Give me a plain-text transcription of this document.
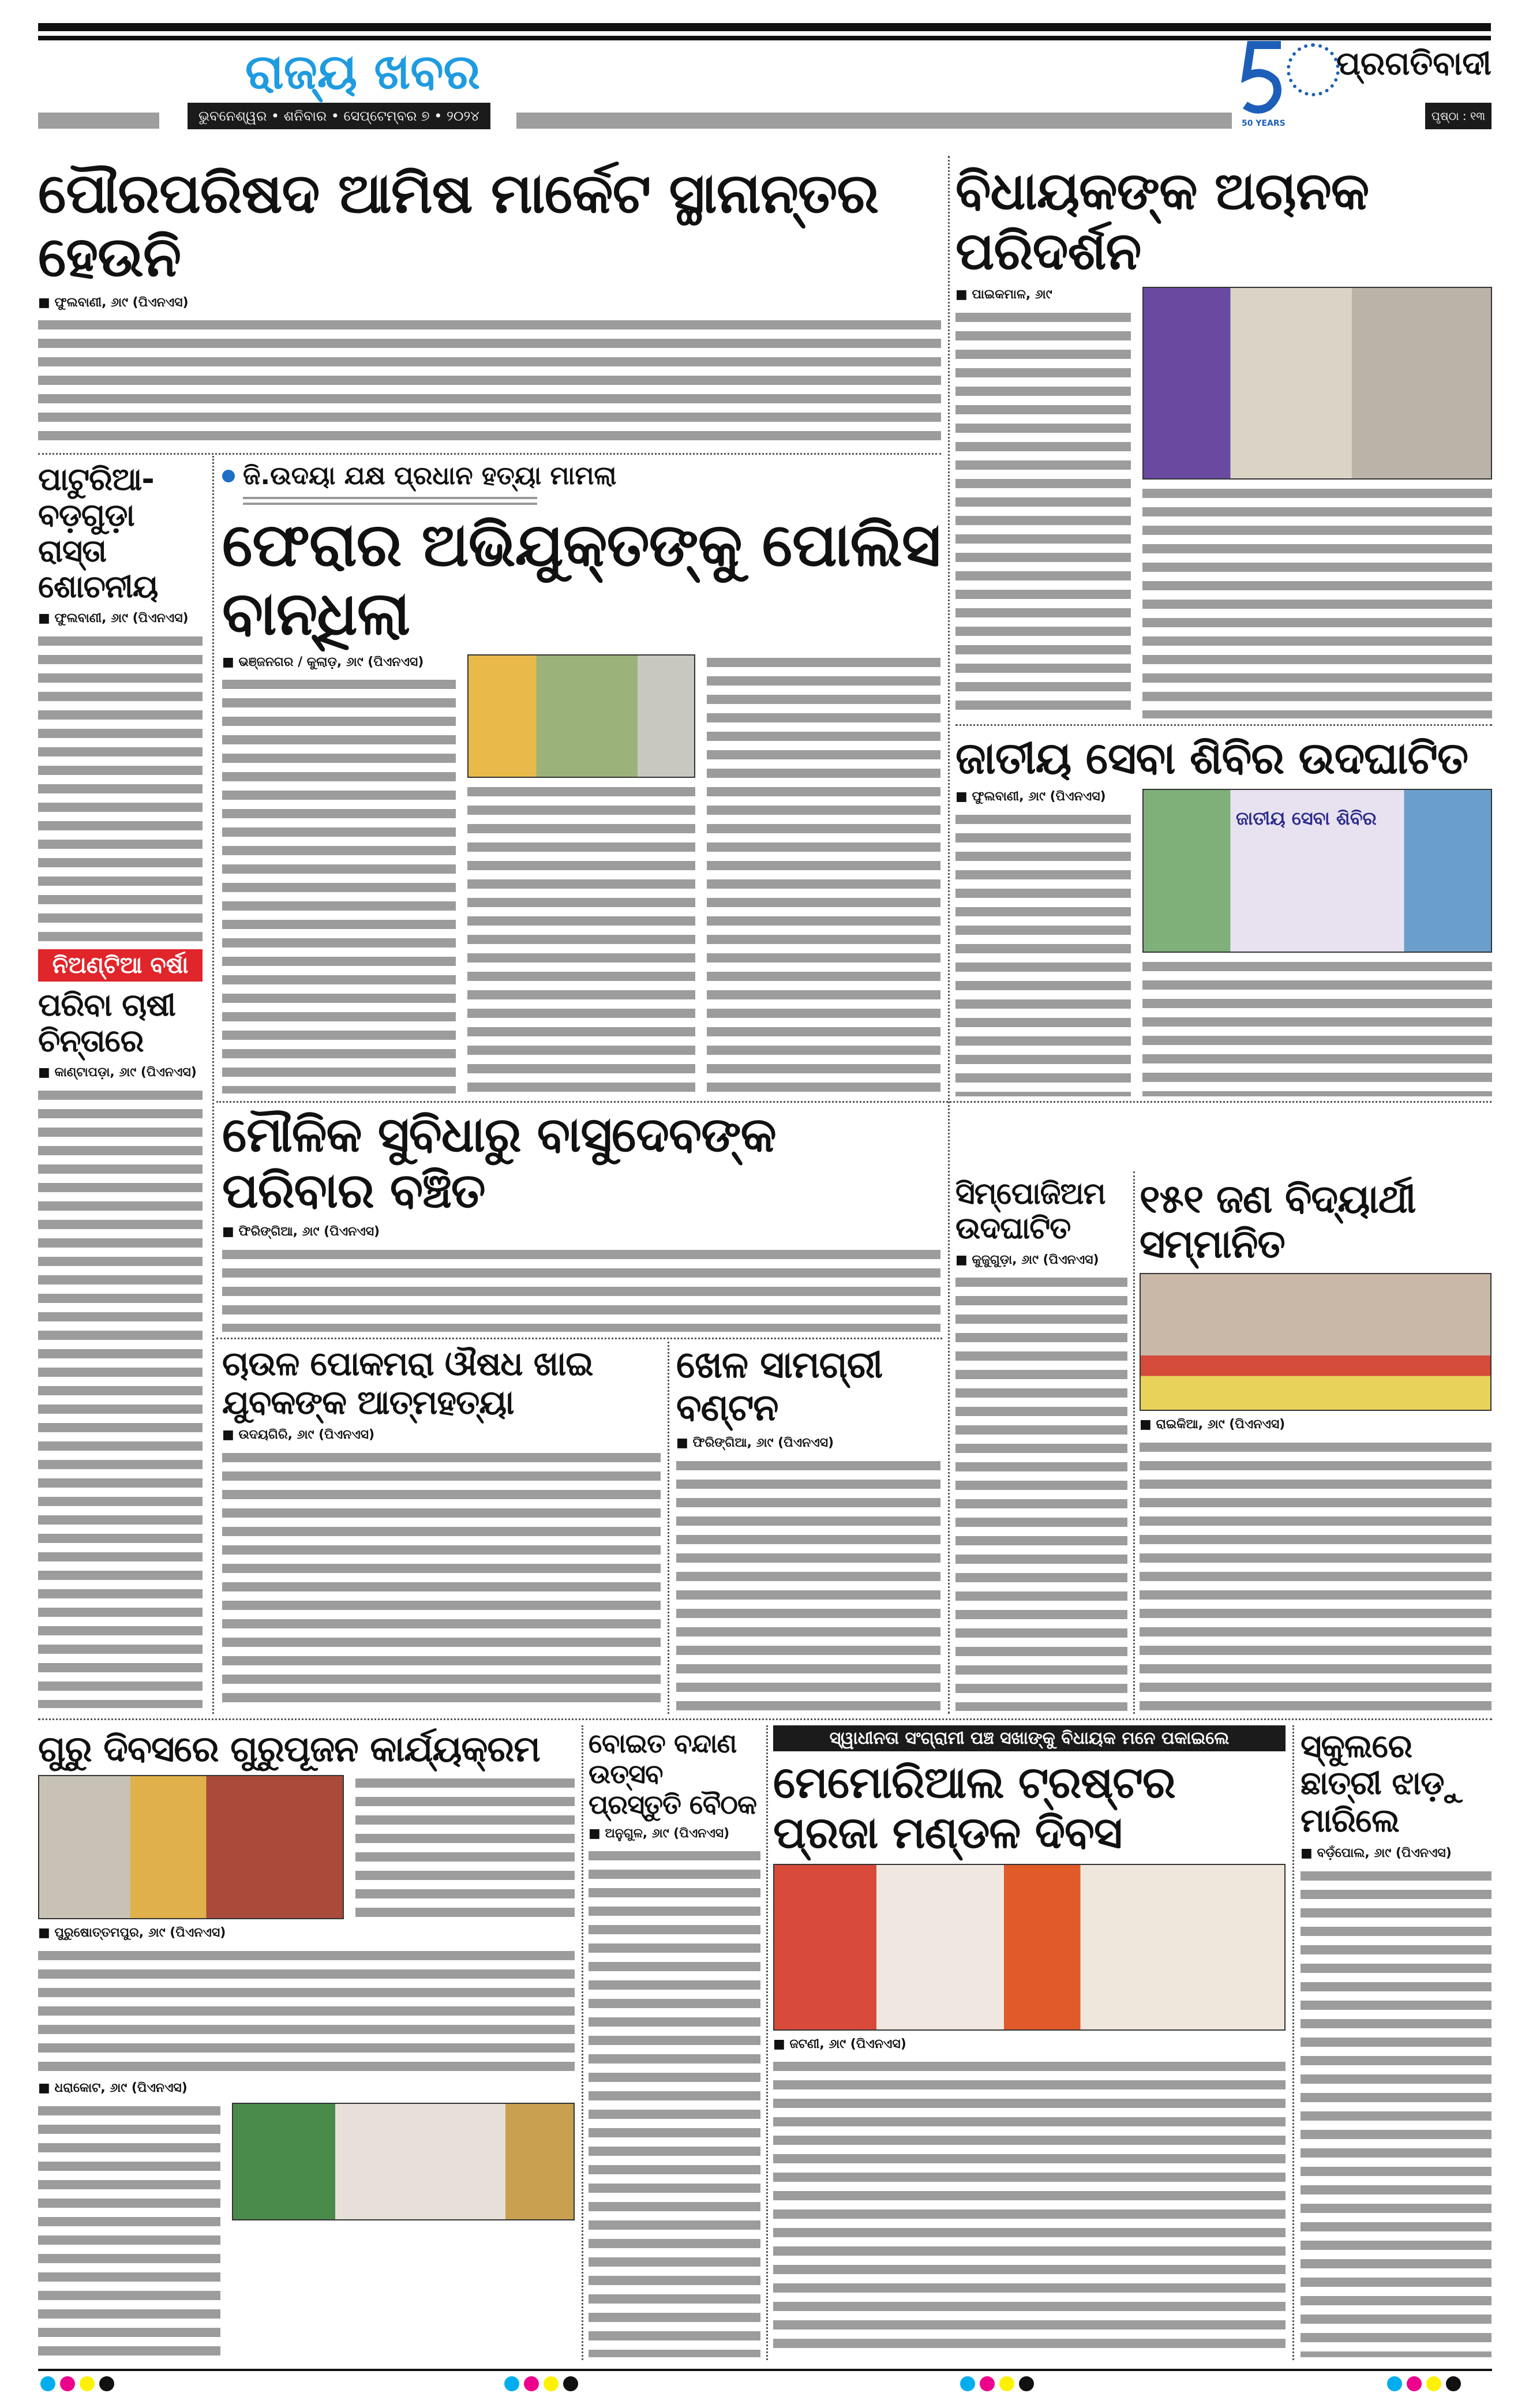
ରାଜ୍ୟ ଖବର
ଭୁବନେଶ୍ୱର • ଶନିବାର • ସେପ୍ଟେମ୍ବର ୭ • ୨୦୨୪	50 YEARS
ପ୍ରଗତିବାଦୀ
ପୃଷ୍ଠା : ୧୩
ପୌରପରିଷଦ ଆମିଷ ମାର୍କେଟ ସ୍ଥାନାନ୍ତର ହେଉନି
■ ଫୁଲବାଣୀ, ୬ା୯ (ପିଏନଏସ)
ବିଧାୟକଙ୍କ ଅଚାନକ ପରିଦର୍ଶନ
■ ପାଇକମାଳ, ୬ା୯
ପାଟୁରିଆ-ବଡ଼ଗୁଡ଼ା ରାସ୍ତା ଶୋଚନୀୟ
■ ଫୁଲବାଣୀ, ୬ା୯ (ପିଏନଏସ)
ନିଅଣ୍ଟିଆ ବର୍ଷା
ପରିବା ଚାଷୀ ଚିନ୍ତାରେ
■ କାଣ୍ଟାପଡ଼ା, ୬ା୯ (ପିଏନଏସ)
ଜି.ଉଦୟା ଯକ୍ଷ ପ୍ରଧାନ ହତ୍ୟା ମାମଲା
ଫେରାର ଅଭିଯୁକ୍ତଙ୍କୁ ପୋଲିସ ବାନ୍ଧିଲା
■ ଭଞ୍ଜନଗର / କୁଲାଡ଼, ୬ା୯ (ପିଏନଏସ)
ଜାତୀୟ ସେବା ଶିବିର ଉଦଘାଟିତ
■ ଫୁଲବାଣୀ, ୬ା୯ (ପିଏନଏସ)
ଜାତୀୟ ସେବା ଶିବିର
ମୌଳିକ ସୁବିଧାରୁ ବାସୁଦେବଙ୍କ ପରିବାର ବଞ୍ଚିତ
■ ଫିରିଙ୍ଗିଆ, ୬ା୯ (ପିଏନଏସ)
ସିମ୍ପୋଜିଅମ ଉଦଘାଟିତ
■ କୁଜୁଗୁଡ଼ା, ୬ା୯ (ପିଏନଏସ)
୧୫୧ ଜଣ ବିଦ୍ୟାର୍ଥୀ ସମ୍ମାନିତ
■ ରାଇକିଆ, ୬ା୯ (ପିଏନଏସ)
ଚାଉଳ ପୋକମରା ଔଷଧ ଖାଇ ଯୁବକଙ୍କ ଆତ୍ମହତ୍ୟା
■ ଉଦୟଗିରି, ୬ା୯ (ପିଏନଏସ)
ଖେଳ ସାମଗ୍ରୀ ବଣ୍ଟନ
■ ଫିରିଙ୍ଗିଆ, ୬ା୯ (ପିଏନଏସ)
ଗୁରୁ ଦିବସରେ ଗୁରୁପୂଜନ କାର୍ଯ୍ୟକ୍ରମ
■ ପୁରୁଷୋତ୍ତମପୁର, ୬ା୯ (ପିଏନଏସ)
■ ଧରାକୋଟ, ୬ା୯ (ପିଏନଏସ)
ବୋଇତ ବନ୍ଦାଣ ଉତ୍ସବ ପ୍ରସ୍ତୁତି ବୈଠକ
■ ଅନୁଗୁଳ, ୬ା୯ (ପିଏନଏସ)
ସ୍ୱାଧୀନତା ସଂଗ୍ରାମୀ ପଞ୍ଚ ସଖାଙ୍କୁ ବିଧାୟକ ମନେ ପକାଇଲେ
ମେମୋରିଆଲ ଟ୍ରଷ୍ଟର ପ୍ରଜା ମଣ୍ଡଳ ଦିବସ
■ ଜଟଣୀ, ୬ା୯ (ପିଏନଏସ)
ସ୍କୁଲରେ ଛାତ୍ରୀ ଝାଡ଼ୁ ମାରିଲେ
■ ବଡ଼ଁପୋଲ, ୬ା୯ (ପିଏନଏସ)
